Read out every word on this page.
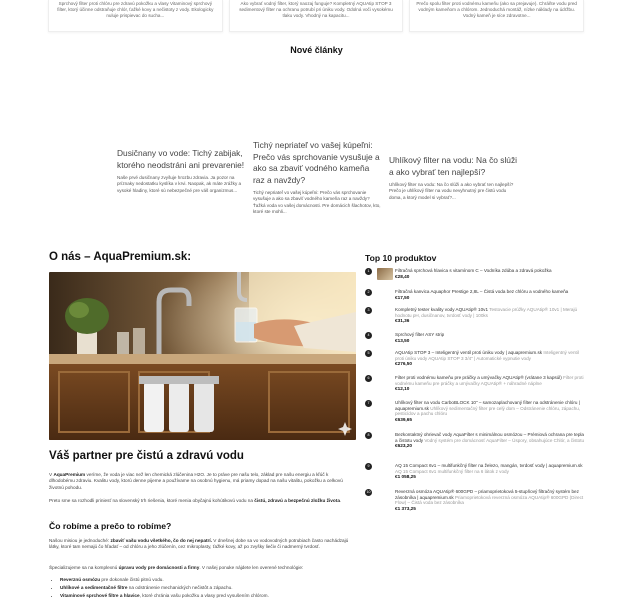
Sprchový filter proti chlóru pre zdravú pokožku a vlasy Vitaminový sprchový filter, ktorý účinne odstraňuje chlór, ťažké kovy a nečistoty z vody. Ekologicky nuluje prispievac do sucha...
Ako vybrať vodný filter, ktorý naozaj funguje? Kompletný AQUAtip STOP 3 sedimentový filter na ochranu potrubí pri úniku vody. Odolná voči vysokému tlaku vody. Vhodný na kapacitu...
Prečo spolu filter proti vodnému kameňu (ako sa prejavuje). Chráňte vodu pred vodným kameňom a chlórom. Jednoduchá montáž, nízke náklady na údržbu. Vodný kameň je síce zdravotne...
Nové články
Dusičnany vo vode: Tichý zabijak, ktorého neodstráni ani prevarenie!
Naše prvé dusičnany zvyšuje hrozbu zdravia. Ja pozor na príznaky nedostatku kyslíka v krvi. Naopak, ak máte zrážky a vysoké hladiny, ktoré sú nebezpečné pre váš organizmus...
Tichý nepriateľ vo vašej kúpeľni: Prečo vás sprchovanie vysušuje a ako sa zbaviť vodného kameňa raz a navždy?
Tichý nepriateľ vo vašej kúpeľni: Prečo vás sprchovanie vysušuje a ako sa zbaviť vodného kameňa raz a navždy? Ťažká voda vo vašej domácnosti. Pre domácich šlachotov, kto, ktoré ste mohli...
Uhlíkový filter na vodu: Na čo slúži a ako vybrať ten najlepší?
Uhlíkový filter na vodu: Na čo slúži a ako vybrať ten najlepší? Prečo je uhlíkový filter na vodu nevyhnutný pre čistú vodu doma, a ktorý model si vybrať?...
O nás – AquaPremium.sk:
Váš partner pre čistú a zdravú vodu

V AquaPremium veríme, že voda je viac než len chemická zlúčenina H2O. Je to práve pre našu telo, základ pre našu energiu a kľúč k dlhodobému zdraviu. Kvalitu vody, ktorú denne pijeme a používame na osobnú hygienu, má priamy dopad na našu vitalitu, pokožku a celkovú životnú pohodu.

Preto sme sa rozhodli priniesť na slovenský trh riešenia, ktoré menia obyčajnú kohútikovú vodu na čistú, zdravú a bezpečnú zložku života.

Čo robíme a prečo to robíme?

Našou misiou je jednoduché: zbaviť vašu vodu všetkého, čo do nej nepatrí. V dnešnej dobe sa vo vodovodných potrubiach často nachádzajú látky, ktoré tam nemajú čo hľadať – od chlóru a jeho zlúčenín, cez mikroplasty, ťažké kovy, až po zvyšky liečiv či nadmerný tvrdosť.

Špecializujeme sa na komplexnú úpravu vody pre domácnosti a firmy. V našej ponuke nájdete len overené technológie:

• Reverznú osmózu pre dokonale čistú pitnú vodu.
• Uhlíkové a sedimentačné filtre na odstránenie mechanických nečistôt a zápachu.
• Vitamínové sprchové filtre a hlavice, ktoré chránia vašu pokožku a vlasy pred vysušením chlórom.
Top 10 produktov
1	Filtračná sprchová hlavica s vitamínom C – Vodníka zdúba a zdravá pokožka
€28,40
2	Filtračná kanvica Aquaphor Prestige 2,8L – Čistá voda bez chlóru a vodného kameňa
€17,50
3	Kompletný tester kvality vody AQUAtip® 10v1 Testovacie prúžky AQUAtip® 10v1 | Merajú hodnotu pH, dusičnanov, tvrdosť vody | 100ks
€31,36
4	Sprchový filter ASY strip
€13,50
5	AQUAtip STOP 3 – Inteligentný ventil proti úniku vody | aquapremium.sk Inteligentný ventil proti úniku vody AQUAtip STOP 3 3/4" | Automatické vypnutie vody
€276,50
6	Filter proti vodnému kameňu pre práčky a umývačky AQUAtip® (vrátane 3 kapsúl) Filter proti vodnému kameňu pre práčky a umývačky AQUAtip® + náhradné náplne
€12,10
7	Uhlíkový filter na vodu CarboBLOCK 10" – samozaplachovaný filter na odstránenie chlóru | aquapremium.sk Uhlíkový sedimentačný filter pre celý dom – Odstránenie chlóru, zápachu, pesticídov a pachu chlóru
€639,65
8	Bezkontaktný ohrievač vody AquaFilter s minimálnou osmózou – Prémiová ochrana pre tepla a čistotu vody Vodný systém pre domácnosť AquaFilter – Úspory, obsahujúce Chlór, a čistotu
€623,20
9	AQ 15 Compact 6v1 – multifunkčný filter na železo, mangán, tvrdosť vody | aquapremium.sk AQ 15 Compact 6v1 multifunkčný filter na 6 látok z vody
€1 058,25
10	Reverzná osmóza AQUAtip® 600GPD – priamoprietoková 5-stupňový filtračný systém bez zásobníka | aquapremium.sk Priamoprietoková reverzná osmóza AQUAtip® 600GPD (Direct Flow) – Čistá voda bez zásobníka
€1 373,25
